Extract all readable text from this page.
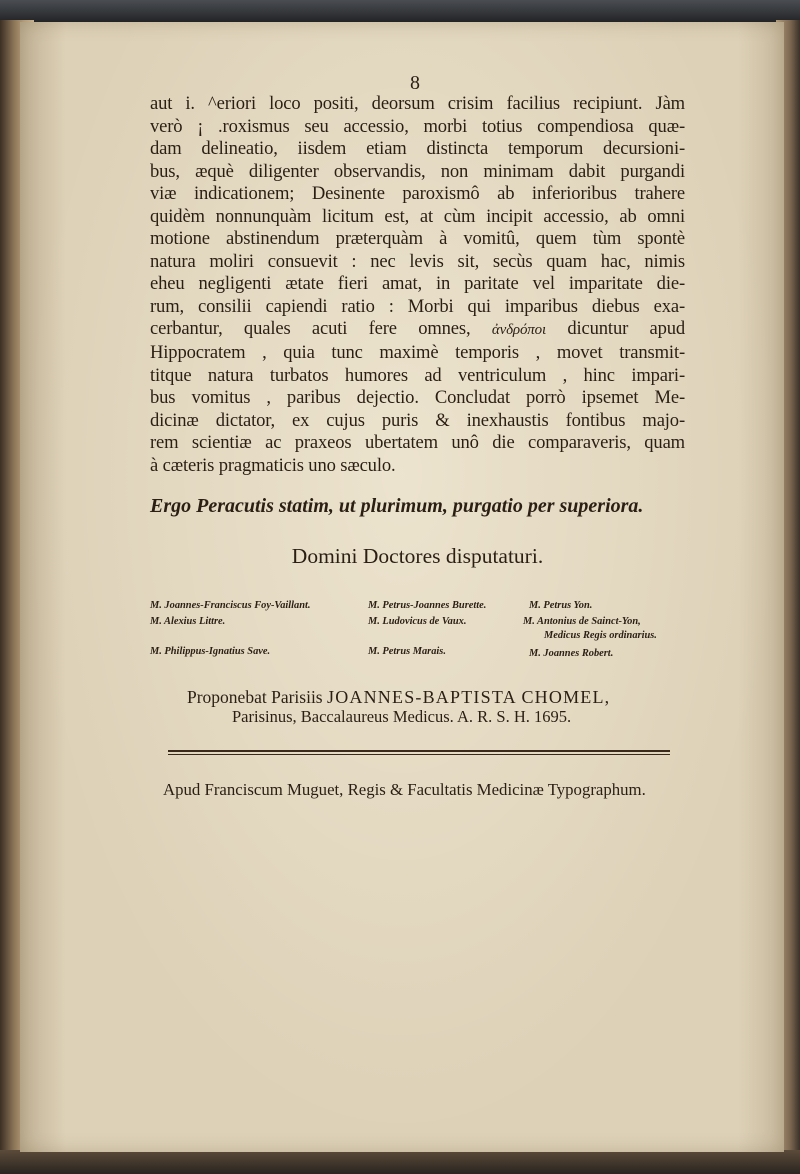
8
aut i. ^eriori loco positi, deorsum crisim facilius recipiunt. Jàm
verò ¡ .roxismus seu accessio, morbi totius compendiosa quæ-
dam delineatio, iisdem etiam distincta temporum decursioni-
bus, æquè diligenter observandis, non minimam dabit purgandi
viæ indicationem; Desinente paroxismô ab inferioribus trahere
quidèm nonnunquàm licitum est, at cùm incipit accessio, ab omni
motione abstinendum præterquàm à vomitû, quem tùm spontè
natura moliri consuevit : nec levis sit, secùs quam hac, nimis
eheu negligenti ætate fieri amat, in paritate vel imparitate die-
rum, consilii capiendi ratio : Morbi qui imparibus diebus exa-
cerbantur, quales acuti fere omnes, ἀνδρόποι dicuntur apud
Hippocratem , quia tunc maximè temporis , movet transmit-
titque natura turbatos humores ad ventriculum , hinc impari-
bus vomitus , paribus dejectio. Concludat porrò ipsemet Me-
dicinæ dictator, ex cujus puris & inexhaustis fontibus majo-
rem scientiæ ac praxeos ubertatem unô die comparaveris, quam
à cæteris pragmaticis uno sæculo.
Ergo Peracutis statim, ut plurimum, purgatio per superiora.
Domini Doctores disputaturi.
M. Joannes-Franciscus Foy-Vaillant.	M. Petrus-Joannes Burette.	M. Petrus Yon.
M. Alexius Littre.	M. Ludovicus de Vaux.	M. Antonius de Sainct-Yon,
Medicus Regis ordinarius.
M. Philippus-Ignatius Save.	M. Petrus Marais.	M. Joannes Robert.
Proponebat Parisiis JOANNES-BAPTISTA CHOMEL,
Parisinus, Baccalaureus Medicus. A. R. S. H. 1695.
Apud Franciscum Muguet, Regis & Facultatis Medicinæ Typographum.
